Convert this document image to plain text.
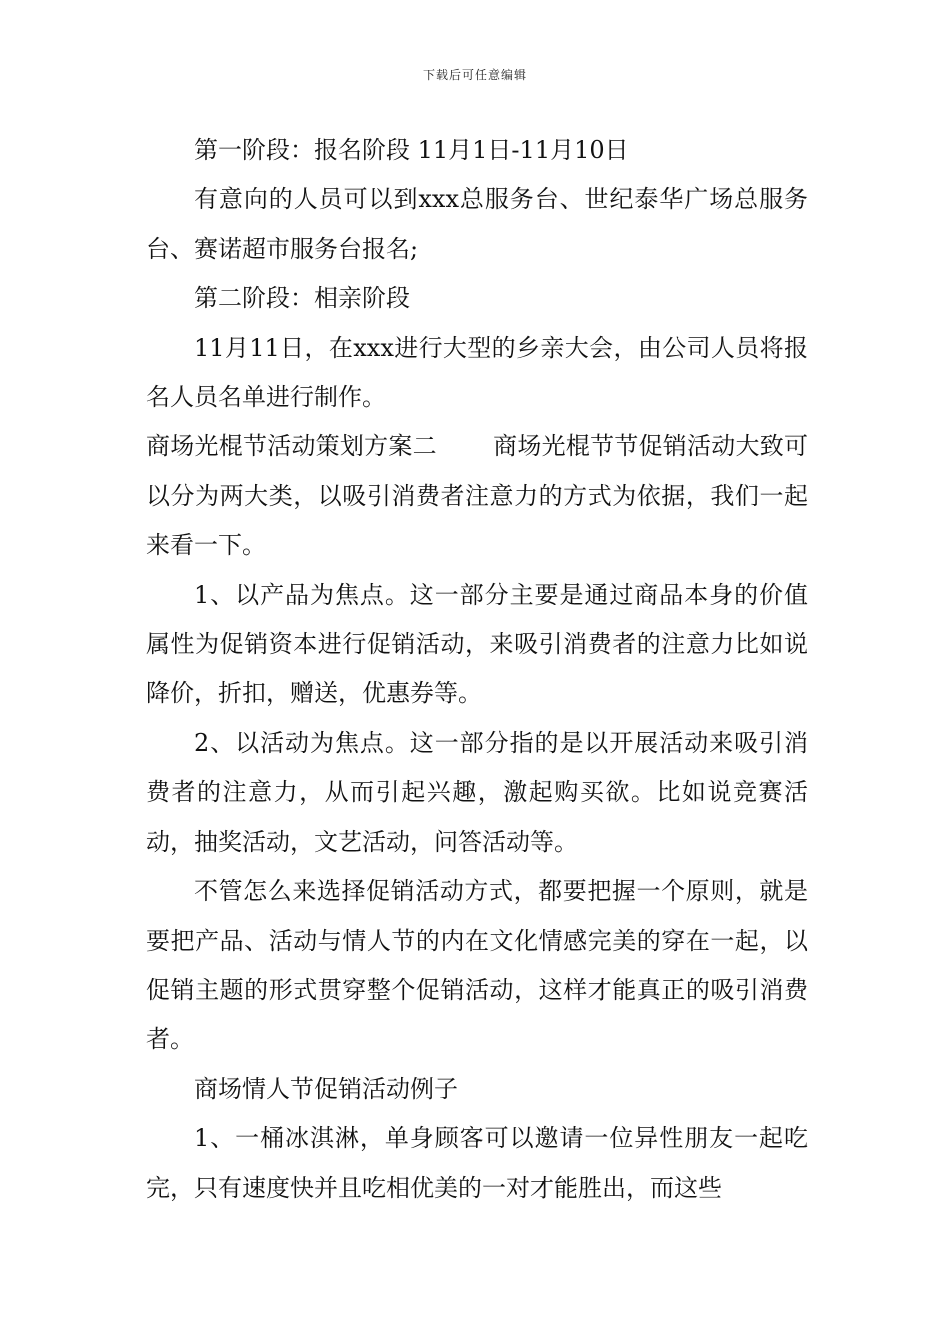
下载后可任意编辑

第一阶段：报名阶段 11月1日-11月10日

有意向的人员可以到xxx总服务台、世纪泰华广场总服务台、赛诺超市服务台报名;

第二阶段：相亲阶段

11月11日，在xxx进行大型的乡亲大会，由公司人员将报名人员名单进行制作。

商场光棍节活动策划方案二 商场光棍节节促销活动大致可以分为两大类，以吸引消费者注意力的方式为依据，我们一起来看一下。

1、以产品为焦点。这一部分主要是通过商品本身的价值属性为促销资本进行促销活动，来吸引消费者的注意力比如说降价，折扣，赠送，优惠券等。

2、以活动为焦点。这一部分指的是以开展活动来吸引消费者的注意力，从而引起兴趣，激起购买欲。比如说竞赛活动，抽奖活动，文艺活动，问答活动等。

不管怎么来选择促销活动方式，都要把握一个原则，就是要把产品、活动与情人节的内在文化情感完美的穿在一起，以促销主题的形式贯穿整个促销活动，这样才能真正的吸引消费者。

商场情人节促销活动例子

1、一桶冰淇淋，单身顾客可以邀请一位异性朋友一起吃完，只有速度快并且吃相优美的一对才能胜出，而这些
